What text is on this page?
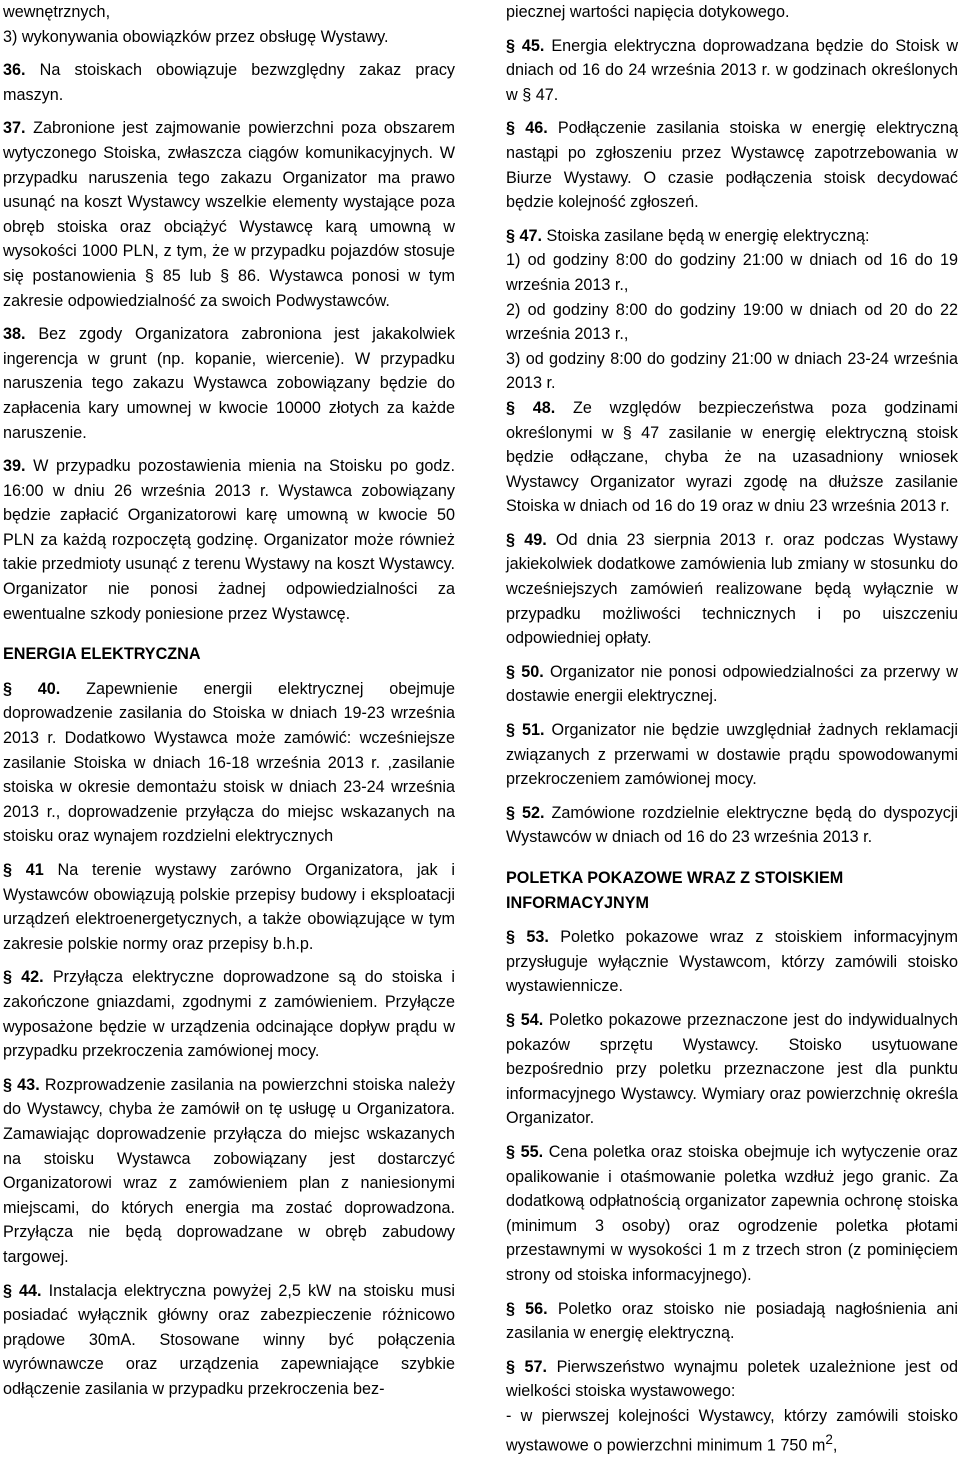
wewnętrznych,

3) wykonywania obowiązków przez obsługę Wystawy.

36. Na stoiskach obowiązuje bezwzględny zakaz pracy maszyn.

37. Zabronione jest zajmowanie powierzchni poza obszarem wytyczonego Stoiska, zwłaszcza ciągów komunikacyjnych. W przypadku naruszenia tego zakazu Organizator ma prawo usunąć na koszt Wystawcy wszelkie elementy wystające poza obręb stoiska oraz obciążyć Wystawcę karą umowną w wysokości 1000 PLN, z tym, że w przypadku pojazdów stosuje się postanowienia § 85 lub § 86. Wystawca ponosi w tym zakresie odpowiedzialność za swoich Podwystawców.

38. Bez zgody Organizatora zabroniona jest jakakolwiek ingerencja w grunt (np. kopanie, wiercenie). W przypadku naruszenia tego zakazu Wystawca zobowiązany będzie do zapłacenia kary umownej w kwocie 10000 złotych za każde naruszenie.

39. W przypadku pozostawienia mienia na Stoisku po godz. 16:00 w dniu 26 września 2013 r. Wystawca zobowiązany będzie zapłacić Organizatorowi karę umowną w kwocie 50 PLN za każdą rozpoczętą godzinę. Organizator może również takie przedmioty usunąć z terenu Wystawy na koszt Wystawcy. Organizator nie ponosi żadnej odpowiedzialności za ewentualne szkody poniesione przez Wystawcę.

ENERGIA ELEKTRYCZNA

§ 40. Zapewnienie energii elektrycznej obejmuje doprowadzenie zasilania do Stoiska w dniach 19-23 września 2013 r. Dodatkowo Wystawca może zamówić: wcześniejsze zasilanie Stoiska w dniach 16-18 września 2013 r. ,zasilanie stoiska w okresie demontażu stoisk w dniach 23-24 września 2013 r., doprowadzenie przyłącza do miejsc wskazanych na stoisku oraz wynajem rozdzielni elektrycznych

§ 41 Na terenie wystawy zarówno Organizatora, jak i Wystawców obowiązują polskie przepisy budowy i eksploatacji urządzeń elektroenergetycznych, a także obowiązujące w tym zakresie polskie normy oraz przepisy b.h.p.

§ 42. Przyłącza elektryczne doprowadzone są do stoiska i zakończone gniazdami, zgodnymi z zamówieniem. Przyłącze wyposażone będzie w urządzenia odcinające dopływ prądu w przypadku przekroczenia zamówionej mocy.

§ 43. Rozprowadzenie zasilania na powierzchni stoiska należy do Wystawcy, chyba że zamówił on tę usługę u Organizatora. Zamawiając doprowadzenie przyłącza do miejsc wskazanych na stoisku Wystawca zobowiązany jest dostarczyć Organizatorowi wraz z zamówieniem plan z naniesionymi miejscami, do których energia ma zostać doprowadzona. Przyłącza nie będą doprowadzane w obręb zabudowy targowej.

§ 44. Instalacja elektryczna powyżej 2,5 kW na stoisku musi posiadać wyłącznik główny oraz zabezpieczenie różnicowo prądowe 30mA. Stosowane winny być połączenia wyrównawcze oraz urządzenia zapewniające szybkie odłączenie zasilania w przypadku przekroczenia bez-

piecznej wartości napięcia dotykowego.

§ 45. Energia elektryczna doprowadzana będzie do Stoisk w dniach od 16 do 24 września 2013 r. w godzinach określonych w § 47.

§ 46. Podłączenie zasilania stoiska w energię elektryczną nastąpi po zgłoszeniu przez Wystawcę zapotrzebowania w Biurze Wystawy. O czasie podłączenia stoisk decydować będzie kolejność zgłoszeń.

§ 47. Stoiska zasilane będą w energię elektryczną:

1) od godziny 8:00 do godziny 21:00 w dniach od 16 do 19 września 2013 r.,

2) od godziny 8:00 do godziny 19:00 w dniach od 20 do 22 września 2013 r.,

3) od godziny 8:00 do godziny 21:00 w dniach 23-24 września 2013 r.

§ 48. Ze względów bezpieczeństwa poza godzinami określonymi w § 47 zasilanie w energię elektryczną stoisk będzie odłączane, chyba że na uzasadniony wniosek Wystawcy Organizator wyrazi zgodę na dłuższe zasilanie Stoiska w dniach od 16 do 19 oraz w dniu 23 września 2013 r.

§ 49. Od dnia 23 sierpnia 2013 r. oraz podczas Wystawy jakiekolwiek dodatkowe zamówienia lub zmiany w stosunku do wcześniejszych zamówień realizowane będą wyłącznie w przypadku możliwości technicznych i po uiszczeniu odpowiedniej opłaty.

§ 50. Organizator nie ponosi odpowiedzialności za przerwy w dostawie energii elektrycznej.

§ 51. Organizator nie będzie uwzględniał żadnych reklamacji związanych z przerwami w dostawie prądu spowodowanymi przekroczeniem zamówionej mocy.

§ 52. Zamówione rozdzielnie elektryczne będą do dyspozycji Wystawców w dniach od 16 do 23 września 2013 r.

POLETKA POKAZOWE WRAZ Z STOISKIEM INFORMACYJNYM

§ 53. Poletko pokazowe wraz z stoiskiem informacyjnym przysługuje wyłącznie Wystawcom, którzy zamówili stoisko wystawiennicze.

§ 54. Poletko pokazowe przeznaczone jest do indywidualnych pokazów sprzętu Wystawcy. Stoisko usytuowane bezpośrednio przy poletku przeznaczone jest dla punktu informacyjnego Wystawcy. Wymiary oraz powierzchnię określa Organizator.

§ 55. Cena poletka oraz stoiska obejmuje ich wytyczenie oraz opalikowanie i otaśmowanie poletka wzdłuż jego granic. Za dodatkową odpłatnością organizator zapewnia ochronę stoiska (minimum 3 osoby) oraz ogrodzenie poletka płotami przestawnymi w wysokości 1 m z trzech stron (z pominięciem strony od stoiska informacyjnego).

§ 56. Poletko oraz stoisko nie posiadają nagłośnienia ani zasilania w energię elektryczną.

§ 57. Pierwszeństwo wynajmu poletek uzależnione jest od wielkości stoiska wystawowego:

- w pierwszej kolejności Wystawcy, którzy zamówili stoisko wystawowe o powierzchni minimum 1 750 $m^2$,
